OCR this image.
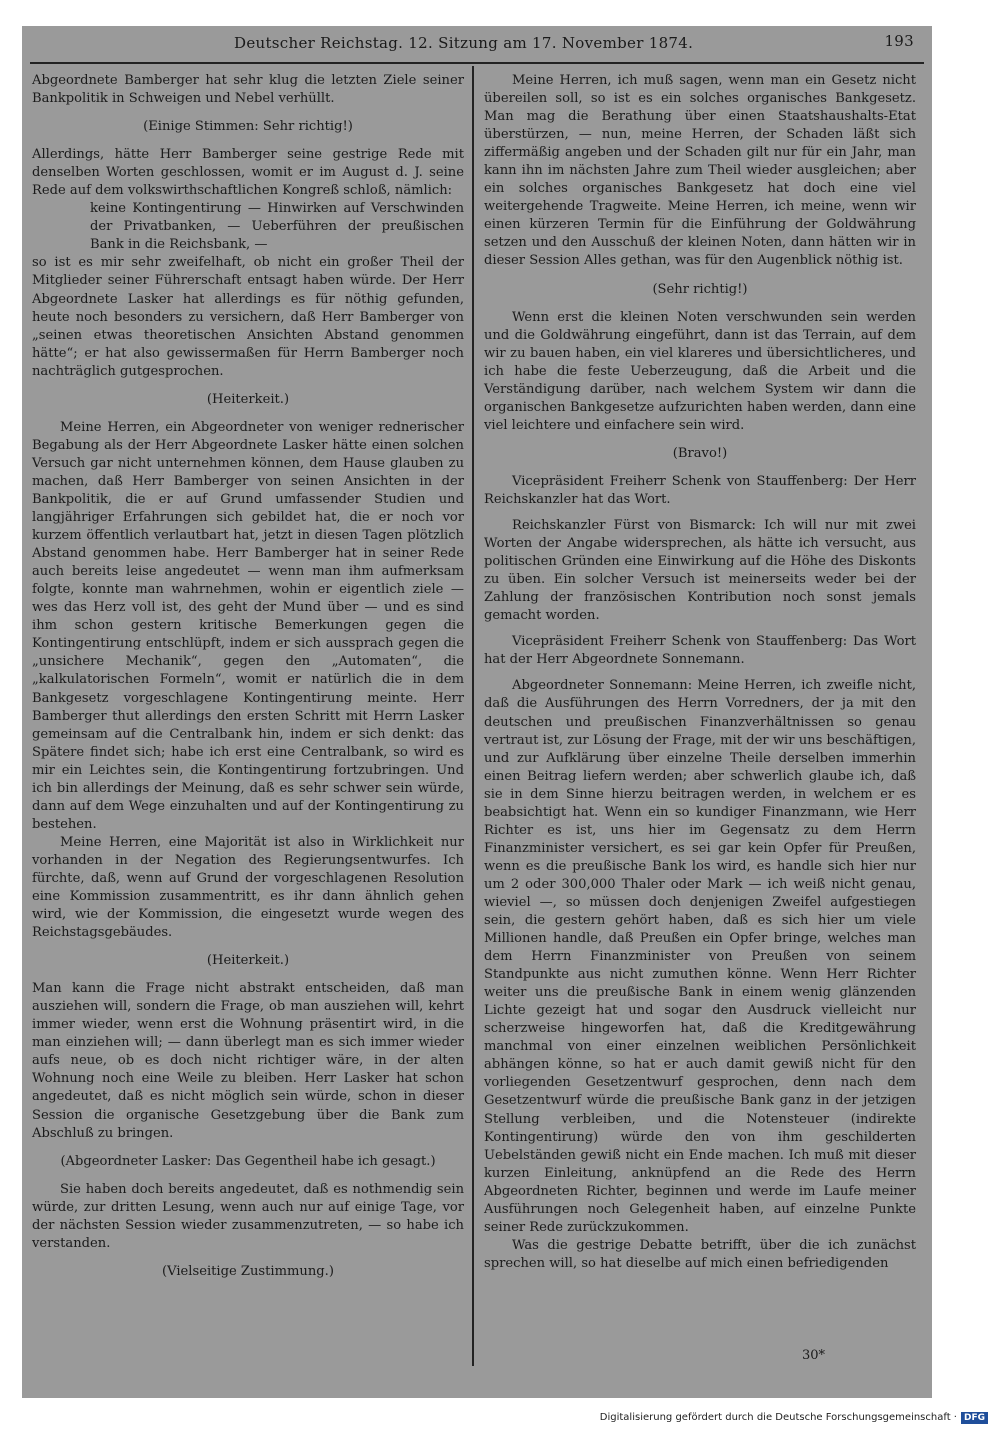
Deutscher Reichstag. 12. Sitzung am 17. November 1874.	193

Abgeordnete Bamberger hat sehr klug die letzten Ziele seiner Bankpolitik in Schweigen und Nebel verhüllt.

(Einige Stimmen: Sehr richtig!)

Allerdings, hätte Herr Bamberger seine gestrige Rede mit denselben Worten geschlossen, womit er im August d. J. seine Rede auf dem volkswirthschaftlichen Kongreß schloß, nämlich:

keine Kontingentirung — Hinwirken auf Verschwinden der Privatbanken, — Ueberführen der preußischen Bank in die Reichsbank, —

so ist es mir sehr zweifelhaft, ob nicht ein großer Theil der Mitglieder seiner Führerschaft entsagt haben würde. Der Herr Abgeordnete Lasker hat allerdings es für nöthig gefunden, heute noch besonders zu versichern, daß Herr Bamberger von „seinen etwas theoretischen Ansichten Abstand genommen hätte“; er hat also gewissermaßen für Herrn Bamberger noch nachträglich gutgesprochen.

(Heiterkeit.)

Meine Herren, ein Abgeordneter von weniger rednerischer Begabung als der Herr Abgeordnete Lasker hätte einen solchen Versuch gar nicht unternehmen können, dem Hause glauben zu machen, daß Herr Bamberger von seinen Ansichten in der Bankpolitik, die er auf Grund umfassender Studien und langjähriger Erfahrungen sich gebildet hat, die er noch vor kurzem öffentlich verlautbart hat, jetzt in diesen Tagen plötzlich Abstand genommen habe. Herr Bamberger hat in seiner Rede auch bereits leise angedeutet — wenn man ihm aufmerksam folgte, konnte man wahrnehmen, wohin er eigentlich ziele — wes das Herz voll ist, des geht der Mund über — und es sind ihm schon gestern kritische Bemerkungen gegen die Kontingentirung entschlüpft, indem er sich aussprach gegen die „unsichere Mechanik“, gegen den „Automaten“, die „kalkulatorischen Formeln“, womit er natürlich die in dem Bankgesetz vorgeschlagene Kontingentirung meinte. Herr Bamberger thut allerdings den ersten Schritt mit Herrn Lasker gemeinsam auf die Centralbank hin, indem er sich denkt: das Spätere findet sich; habe ich erst eine Centralbank, so wird es mir ein Leichtes sein, die Kontingentirung fortzubringen. Und ich bin allerdings der Meinung, daß es sehr schwer sein würde, dann auf dem Wege einzuhalten und auf der Kontingentirung zu bestehen.

Meine Herren, eine Majorität ist also in Wirklichkeit nur vorhanden in der Negation des Regierungsentwurfes. Ich fürchte, daß, wenn auf Grund der vorgeschlagenen Resolution eine Kommission zusammentritt, es ihr dann ähnlich gehen wird, wie der Kommission, die eingesetzt wurde wegen des Reichstagsgebäudes.

(Heiterkeit.)

Man kann die Frage nicht abstrakt entscheiden, daß man ausziehen will, sondern die Frage, ob man ausziehen will, kehrt immer wieder, wenn erst die Wohnung präsentirt wird, in die man einziehen will; — dann überlegt man es sich immer wieder aufs neue, ob es doch nicht richtiger wäre, in der alten Wohnung noch eine Weile zu bleiben. Herr Lasker hat schon angedeutet, daß es nicht möglich sein würde, schon in dieser Session die organische Gesetzgebung über die Bank zum Abschluß zu bringen.

(Abgeordneter Lasker: Das Gegentheil habe ich gesagt.)

Sie haben doch bereits angedeutet, daß es nothmendig sein würde, zur dritten Lesung, wenn auch nur auf einige Tage, vor der nächsten Session wieder zusammenzutreten, — so habe ich verstanden.

(Vielseitige Zustimmung.)

Meine Herren, ich muß sagen, wenn man ein Gesetz nicht übereilen soll, so ist es ein solches organisches Bankgesetz. Man mag die Berathung über einen Staatshaushalts-Etat überstürzen, — nun, meine Herren, der Schaden läßt sich ziffermäßig angeben und der Schaden gilt nur für ein Jahr, man kann ihn im nächsten Jahre zum Theil wieder ausgleichen; aber ein solches organisches Bankgesetz hat doch eine viel weitergehende Tragweite. Meine Herren, ich meine, wenn wir einen kürzeren Termin für die Einführung der Goldwährung setzen und den Ausschuß der kleinen Noten, dann hätten wir in dieser Session Alles gethan, was für den Augenblick nöthig ist.

(Sehr richtig!)

Wenn erst die kleinen Noten verschwunden sein werden und die Goldwährung eingeführt, dann ist das Terrain, auf dem wir zu bauen haben, ein viel klareres und übersichtlicheres, und ich habe die feste Ueberzeugung, daß die Arbeit und die Verständigung darüber, nach welchem System wir dann die organischen Bankgesetze aufzurichten haben werden, dann eine viel leichtere und einfachere sein wird.

(Bravo!)

Vicepräsident Freiherr Schenk von Stauffenberg: Der Herr Reichskanzler hat das Wort.

Reichskanzler Fürst von Bismarck: Ich will nur mit zwei Worten der Angabe widersprechen, als hätte ich versucht, aus politischen Gründen eine Einwirkung auf die Höhe des Diskonts zu üben. Ein solcher Versuch ist meinerseits weder bei der Zahlung der französischen Kontribution noch sonst jemals gemacht worden.

Vicepräsident Freiherr Schenk von Stauffenberg: Das Wort hat der Herr Abgeordnete Sonnemann.

Abgeordneter Sonnemann: Meine Herren, ich zweifle nicht, daß die Ausführungen des Herrn Vorredners, der ja mit den deutschen und preußischen Finanzverhältnissen so genau vertraut ist, zur Lösung der Frage, mit der wir uns beschäftigen, und zur Aufklärung über einzelne Theile derselben immerhin einen Beitrag liefern werden; aber schwerlich glaube ich, daß sie in dem Sinne hierzu beitragen werden, in welchem er es beabsichtigt hat. Wenn ein so kundiger Finanzmann, wie Herr Richter es ist, uns hier im Gegensatz zu dem Herrn Finanzminister versichert, es sei gar kein Opfer für Preußen, wenn es die preußische Bank los wird, es handle sich hier nur um 2 oder 300,000 Thaler oder Mark — ich weiß nicht genau, wieviel —, so müssen doch denjenigen Zweifel aufgestiegen sein, die gestern gehört haben, daß es sich hier um viele Millionen handle, daß Preußen ein Opfer bringe, welches man dem Herrn Finanzminister von Preußen von seinem Standpunkte aus nicht zumuthen könne. Wenn Herr Richter weiter uns die preußische Bank in einem wenig glänzenden Lichte gezeigt hat und sogar den Ausdruck vielleicht nur scherzweise hingeworfen hat, daß die Kreditgewährung manchmal von einer einzelnen weiblichen Persönlichkeit abhängen könne, so hat er auch damit gewiß nicht für den vorliegenden Gesetzentwurf gesprochen, denn nach dem Gesetzentwurf würde die preußische Bank ganz in der jetzigen Stellung verbleiben, und die Notensteuer (indirekte Kontingentirung) würde den von ihm geschilderten Uebelständen gewiß nicht ein Ende machen. Ich muß mit dieser kurzen Einleitung, anknüpfend an die Rede des Herrn Abgeordneten Richter, beginnen und werde im Laufe meiner Ausführungen noch Gelegenheit haben, auf einzelne Punkte seiner Rede zurückzukommen.

Was die gestrige Debatte betrifft, über die ich zunächst sprechen will, so hat dieselbe auf mich einen befriedigenden

30*
Digitalisierung gefördert durch die Deutsche Forschungsgemeinschaft · DFG
